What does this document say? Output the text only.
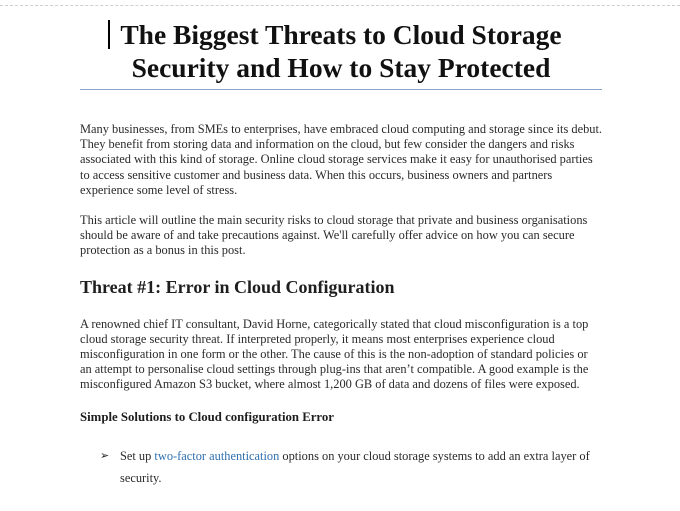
The Biggest Threats to Cloud Storage
Security and How to Stay Protected

Many businesses, from SMEs to enterprises, have embraced cloud computing and storage since its debut. They benefit from storing data and information on the cloud, but few consider the dangers and risks associated with this kind of storage. Online cloud storage services make it easy for unauthorised parties to access sensitive customer and business data. When this occurs, business owners and partners experience some level of stress.

This article will outline the main security risks to cloud storage that private and business organisations should be aware of and take precautions against. We'll carefully offer advice on how you can secure protection as a bonus in this post.

Threat #1: Error in Cloud Configuration

A renowned chief IT consultant, David Horne, categorically stated that cloud misconfiguration is a top cloud storage security threat. If interpreted properly, it means most enterprises experience cloud misconfiguration in one form or the other. The cause of this is the non-adoption of standard policies or an attempt to personalise cloud settings through plug-ins that aren’t compatible. A good example is the misconfigured Amazon S3 bucket, where almost 1,200 GB of data and dozens of files were exposed.

Simple Solutions to Cloud configuration Error
➢ Set up two-factor authentication options on your cloud storage systems to add an extra layer of security.
